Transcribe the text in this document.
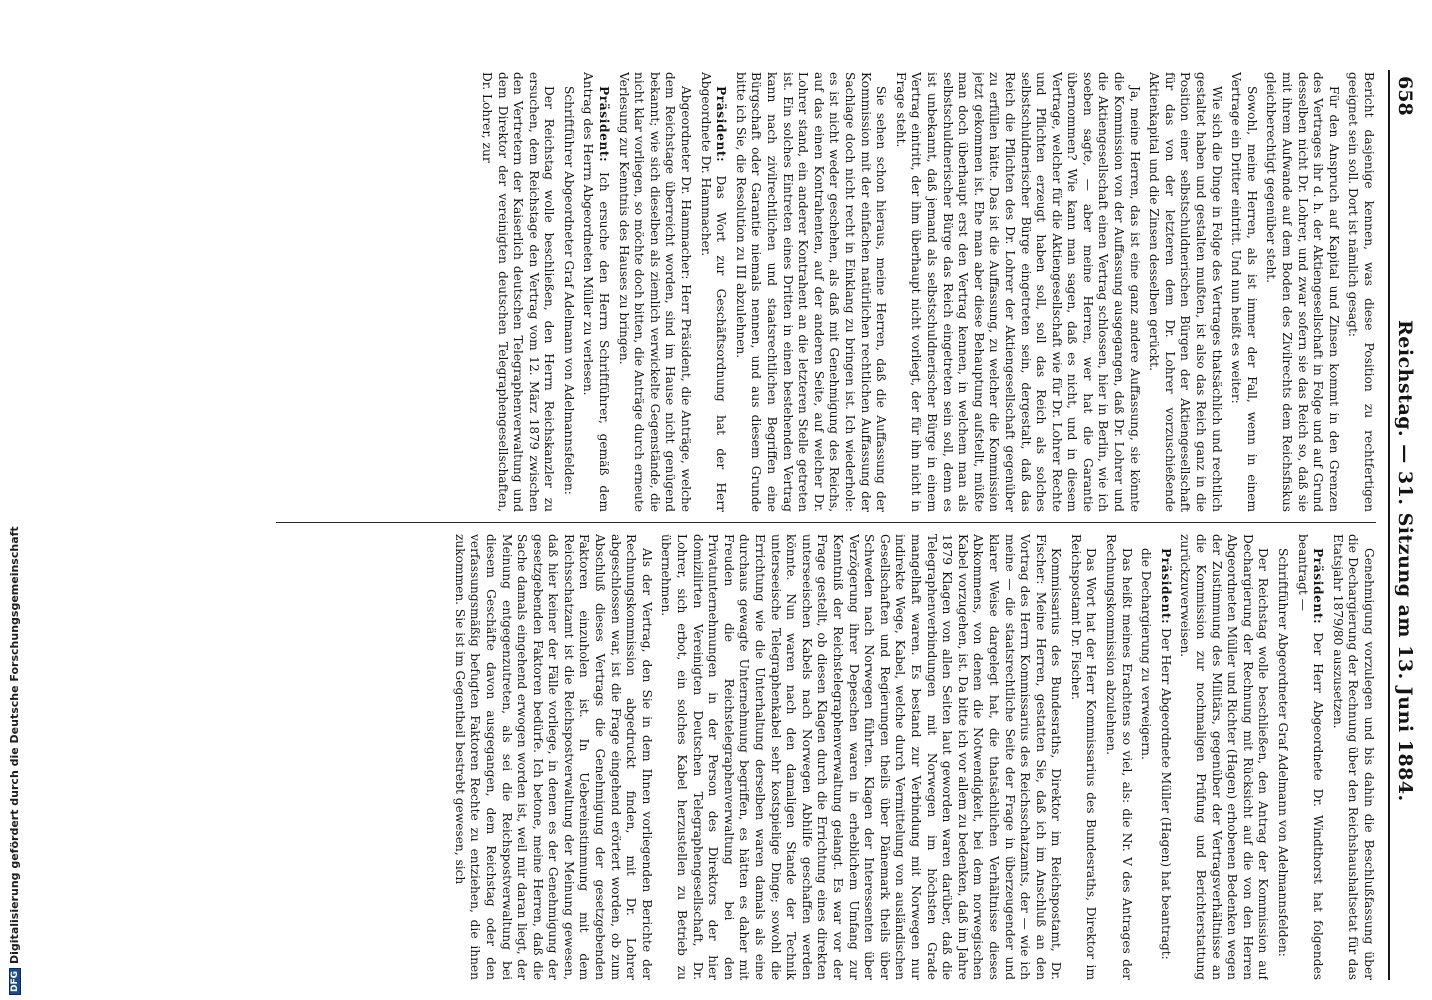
658
Reichstag. — 31. Sitzung am 13. Juni 1884.

Bericht dasjenige kennen, was diese Position zu rechtfertigen geeignet sein soll. Dort ist nämlich gesagt:

Für den Anspruch auf Kapital und Zinsen kommt in den Grenzen des Vertrages ihr d. h. der Aktiengesellschaft in Folge und auf Grund desselben nicht Dr. Lohrer, und zwar sofern sie das Reich so, daß sie mit ihrem Aufwande auf dem Boden des Zivilrechts dem Reichsfiskus gleichberechtigt gegenüber steht.

Sowohl, meine Herren, als ist immer der Fall, wenn in einem Vertrage ein Dritter eintritt. Und nun heißt es weiter:

Wie sich die Dinge in Folge des Vertrages thatsächlich und rechtlich gestaltet haben und gestalten mußten, ist also das Reich ganz in die Position einer selbstschuldnerischen Bürgen der Aktiengesellschaft für das von der letzteren dem Dr. Lohrer vorzuschießende Aktienkapital und die Zinsen desselben gerückt.

Ja, meine Herren, das ist eine ganz andere Auffassung, sie könnte die Kommission von der Auffassung ausgegangen, daß Dr. Lohrer und die Aktiengesellschaft einen Vertrag schlossen, hier in Berlin, wie ich soeben sagte, — aber meine Herren, wer hat die Garantie übernommen? Wie kann man sagen, daß es nicht, und in diesem Vertrage, welcher für die Aktiengesellschaft wie für Dr. Lohrer Rechte und Pflichten erzeugt haben soll, soll das Reich als solches selbstschuldnerischer Bürge eingetreten sein, dergestalt, daß das Reich die Pflichten des Dr. Lohrer der Aktiengesellschaft gegenüber zu erfüllen hätte. Das ist die Auffassung, zu welcher die Kommission jetzt gekommen ist. Ehe man aber diese Behauptung aufstellt, müßte man doch überhaupt erst den Vertrag kennen, in welchem man als selbstschuldnerischer Bürge das Reich eingetreten sein soll, denn es ist unbekannt, daß jemand als selbstschuldnerischer Bürge in einem Vertrag eintritt, der ihm überhaupt nicht vorliegt, der für ihn nicht in Frage steht.

Sie sehen schon hieraus, meine Herren, daß die Auffassung der Kommission mit der einfachen natürlichen rechtlichen Auffassung der Sachlage doch nicht recht in Einklang zu bringen ist. Ich wiederhole: es ist nicht weder geschehen, als daß mit Genehmigung des Reichs, auf das einen Kontrahenten, auf der anderen Seite, auf welcher Dr. Lohrer stand, ein anderer Kontrahent an die letzteren Stelle getreten ist. Ein solches Eintreten eines Dritten in einen bestehenden Vertrag kann nach zivilrechtlichen und staatsrechtlichen Begriffen eine Bürgschaft oder Garantie niemals nennen, und aus diesem Grunde bitte ich Sie, die Resolution zu III abzulehnen.

Präsident: Das Wort zur Geschäftsordnung hat der Herr Abgeordnete Dr. Hammacher.

Abgeordneter Dr. Hammacher: Herr Präsident, die Anträge, welche dem Reichstage überreicht worden, sind im Hause nicht genügend bekannt; wie sich dieselben als ziemlich verwickelte Gegenstände, die nicht klar vorliegen, so möchte doch bitten, die Anträge durch erneute Verlesung zur Kenntnis des Hauses zu bringen.

Präsident: Ich ersuche den Herrn Schriftführer, gemäß dem Antrag des Herrn Abgeordneten Müller zu verlesen.

Schriftführer Abgeordneter Graf Adelmann von Adelmannsfelden:

Der Reichstag wolle beschließen, den Herrn Reichskanzler zu ersuchen, dem Reichstage den Vertrag vom 12. März 1879 zwischen den Vertretern der Kaiserlich deutschen Telegraphenverwaltung und dem Direktor der vereinigten deutschen Telegraphengesellschaften, Dr. Lohrer, zur

Genehmigung vorzulegen und bis dahin die Beschlußfassung über die Dechargierung der Rechnung über den Reichshaushaltsetat für das Etatsjahr 1879/80 auszusetzen.

Präsident: Der Herr Abgeordnete Dr. Windthorst hat folgendes beantragt —

Schriftführer Abgeordneter Graf Adelmann von Adelmannsfelden:

Der Reichstag wolle beschließen, den Antrag der Kommission auf Dechargierung der Rechnung mit Rücksicht auf die von den Herren Abgeordneten Müller und Richter (Hagen) erhobenen Bedenken wegen der Zustimmung des Militärs, gegenüber der Vertragsverhältnisse an die Kommission zur nochmaligen Prüfung und Berichterstattung zurückzuverweisen.

Präsident: Der Herr Abgeordnete Müller (Hagen) hat beantragt:

die Dechargierung zu verweigern.

Das heißt meines Erachtens so viel, als: die Nr. V des Antrages der Rechnungskommission abzulehnen.

Das Wort hat der Herr Kommissarius des Bundesraths, Direktor im Reichspostamt Dr. Fischer.

Kommissarius des Bundesraths, Direktor im Reichspostamt, Dr. Fischer: Meine Herren, gestatten Sie, daß ich im Anschluß an den Vortrag des Herrn Kommissarius des Reichsschatzamts, der — wie ich meine — die staatsrechtliche Seite der Frage in überzeugender und klarer Weise dargelegt hat, die thatsächlichen Verhältnisse dieses Abkommens, von denen die Notwendigkeit, bei dem norwegischen Kabel vorzugehen, ist. Da bitte ich vor allem zu bedenken, daß im Jahre 1879 Klagen von allen Seiten laut geworden waren darüber, daß die Telegraphenverbindungen mit Norwegen im höchsten Grade mangelhaft waren. Es bestand zur Verbindung mit Norwegen nur indirekte Wege, Kabel, welche durch Vermittelung von ausländischen Gesellschaften und Regierungen theils über Dänemark theils über Schweden nach Norwegen führten. Klagen der Interessenten über Verzögerung ihrer Depeschen waren in erheblichem Umfang zur Kenntniß der Reichstelegraphenverwaltung gelangt. Es war vor der Frage gestellt, ob diesen Klagen durch die Errichtung eines direkten unterseeischen Kabels nach Norwegen Abhilfe geschaffen werden könnte. Nun waren nach den damaligen Stande der Technik unterseeische Telegraphenkabel sehr kostspielige Dinge; sowohl die Errichtung wie die Unterhaltung derselben waren damals als eine durchaus gewagte Unternehmung begriffen, es hätten es daher mit Freuden die Reichstelegraphenverwaltung bei den Privatunternehmungen in der Person des Direktors der hier domizilirten Vereinigten Deutschen Telegraphengesellschaft, Dr. Lohrer, sich erbot, ein solches Kabel herzustellen zu Betrieb zu übernehmen.

Als der Vertrag, den Sie in dem Ihnen vorliegenden Berichte der Rechnungskommission abgedruckt finden, mit Dr. Lohrer abgeschlossen war, ist die Frage eingehend erörtert worden, ob zum Abschluß dieses Vertrags die Genehmigung der gesetzgebenden Faktoren einzuholen ist. In Uebereinstimmung mit dem Reichsschatzamt ist die Reichspostverwaltung der Meinung gewesen, daß hier keiner der Fälle vorliege, in denen es der Genehmigung der gesetzgebenden Faktoren bedürfe. Ich betone, meine Herren, daß die Sache damals eingehend erwogen worden ist, weil mir daran liegt, der Meinung entgegenzutreten, als sei die Reichspostverwaltung bei diesem Geschäfte davon ausgegangen, dem Reichstag oder den verfassungsmäßig befugten Faktoren Rechte zu entziehen, die ihnen zukommen. Sie ist im Gegentheil bestrebt gewesen, sich

DFGDigitalisierung gefördert durch die Deutsche Forschungsgemeinschaft
